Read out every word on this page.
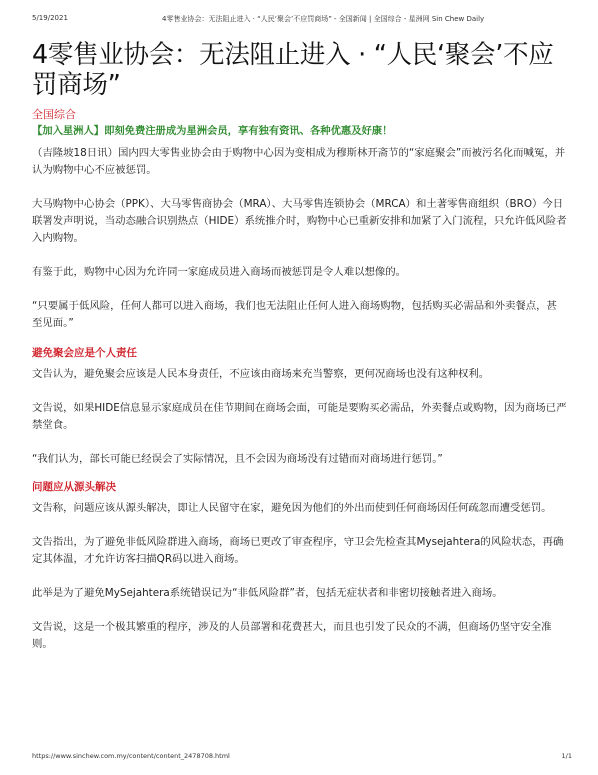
5/19/2021	4零售业协会：无法阻止进入 · “人民‘聚会’不应罚商场” - 全国新闻 | 全国综合 - 星洲网 Sin Chew Daily
4零售业协会：无法阻止进入 · “人民‘聚会’不应罚商场”
全国综合
【加入星洲人】即刻免费注册成为星洲会员，享有独有资讯、各种优惠及好康！

（吉隆坡18日讯）国内四大零售业协会由于购物中心因为变相成为穆斯林开斋节的“家庭聚会”而被污名化而喊冤，并认为购物中心不应被惩罚。

大马购物中心协会（PPK）、大马零售商协会（MRA）、大马零售连锁协会（MRCA）和土著零售商组织（BRO）今日联署发声明说，当动态融合识别热点（HIDE）系统推介时，购物中心已重新安排和加紧了入门流程，只允许低风险者入内购物。

有鉴于此，购物中心因为允许同一家庭成员进入商场而被惩罚是令人难以想像的。

“只要属于低风险，任何人都可以进入商场，我们也无法阻止任何人进入商场购物，包括购买必需品和外卖餐点，甚至见面。”

避免聚会应是个人责任

文告认为，避免聚会应该是人民本身责任，不应该由商场来充当警察，更何况商场也没有这种权利。

文告说，如果HIDE信息显示家庭成员在佳节期间在商场会面，可能是要购买必需品，外卖餐点或购物，因为商场已严禁堂食。

“我们认为，部长可能已经误会了实际情况，且不会因为商场没有过错而对商场进行惩罚。”

问题应从源头解决

文告称，问题应该从源头解决，即让人民留守在家，避免因为他们的外出而使到任何商场因任何疏忽而遭受惩罚。

文告指出，为了避免非低风险群进入商场，商场已更改了审查程序，守卫会先检查其Mysejahtera的风险状态，再确定其体温，才允许访客扫描QR码以进入商场。

此举是为了避免MySejahtera系统错误记为“非低风险群”者，包括无症状者和非密切接触者进入商场。

文告说，这是一个极其繁重的程序，涉及的人员部署和花费甚大，而且也引发了民众的不满，但商场仍坚守安全准则。

https://www.sinchew.com.my/content/content_2478708.html	1/1
